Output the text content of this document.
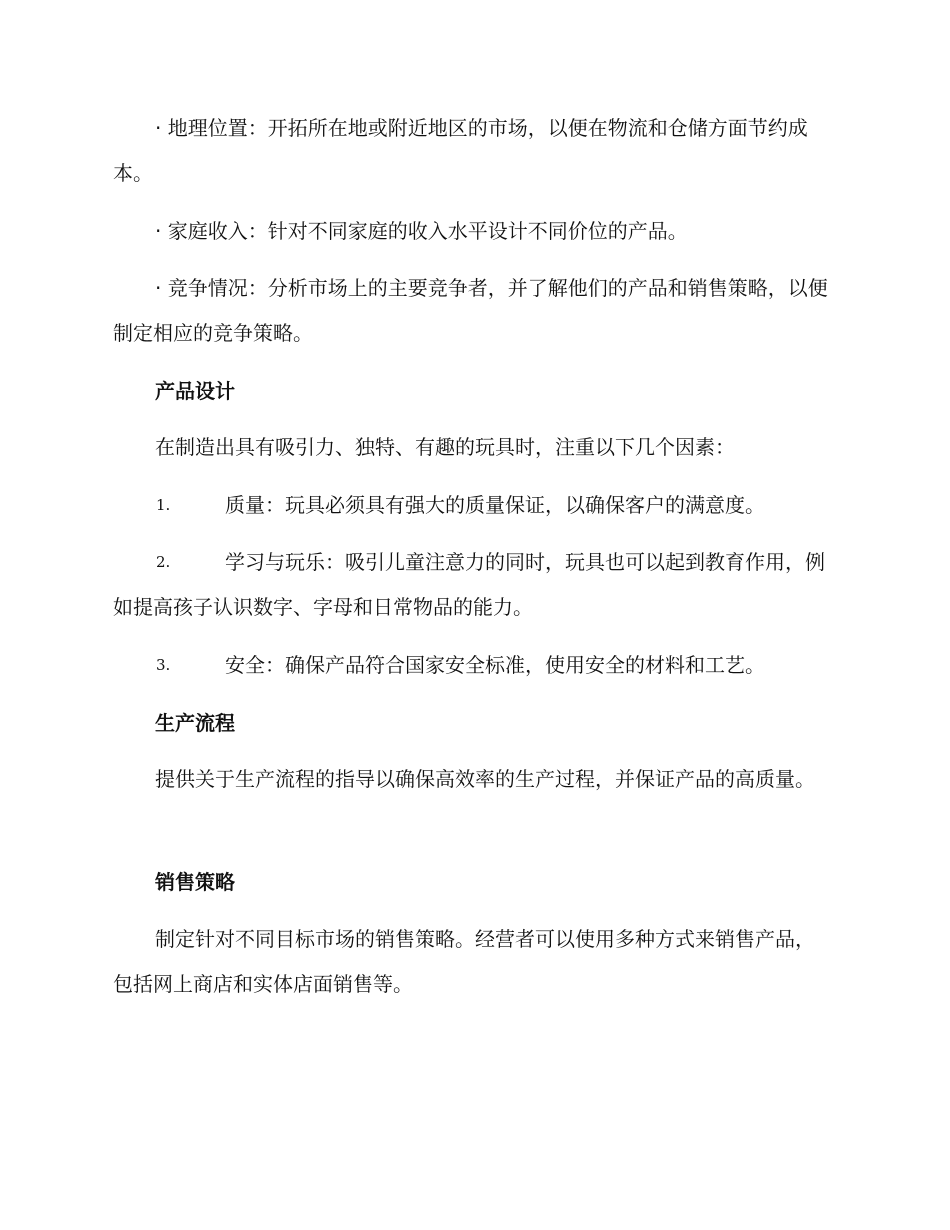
· 地理位置：开拓所在地或附近地区的市场，以便在物流和仓储方面节约成本。
· 家庭收入：针对不同家庭的收入水平设计不同价位的产品。
· 竞争情况：分析市场上的主要竞争者，并了解他们的产品和销售策略，以便制定相应的竞争策略。
产品设计
在制造出具有吸引力、独特、有趣的玩具时，注重以下几个因素：
1.	质量：玩具必须具有强大的质量保证，以确保客户的满意度。
2.	学习与玩乐：吸引儿童注意力的同时，玩具也可以起到教育作用，例如提高孩子认识数字、字母和日常物品的能力。
3.	安全：确保产品符合国家安全标准，使用安全的材料和工艺。
生产流程
提供关于生产流程的指导以确保高效率的生产过程，并保证产品的高质量。
销售策略
制定针对不同目标市场的销售策略。经营者可以使用多种方式来销售产品，包括网上商店和实体店面销售等。
